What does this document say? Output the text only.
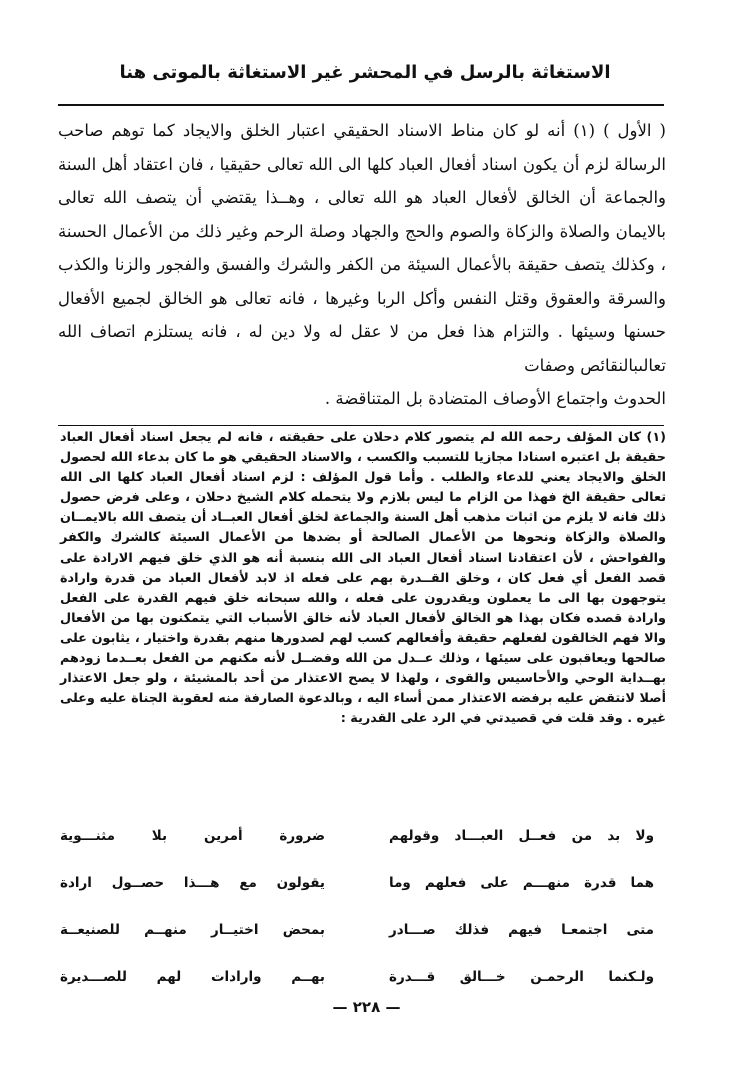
الاستغاثة بالرسل في المحشر غير الاستغاثة بالموتى هنا

( الأول ) (١) أنه لو كان مناط الاسناد الحقيقي اعتبار الخلق والايجاد كما توهم صاحب الرسالة لزم أن يكون اسناد أفعال العباد كلها الى الله تعالى حقيقيا ، فان اعتقاد أهل السنة والجماعة أن الخالق لأفعال العباد هو الله تعالى ، وهــذا يقتضي أن يتصف الله تعالى بالايمان والصلاة والزكاة والصوم والحج والجهاد وصلة الرحم وغير ذلك من الأعمال الحسنة ، وكذلك يتصف حقيقة بالأعمال السيئة من الكفر والشرك والفسق والفجور والزنا والكذب والسرقة والعقوق وقتل النفس وأكل الربا وغيرها ، فانه تعالى هو الخالق لجميع الأفعال حسنها وسيئها . والتزام هذا فعل من لا عقل له ولا دين له ، فانه يستلزم اتصاف الله تعالىبالنقائص وصفات

الحدوث واجتماع الأوصاف المتضادة بل المتناقضة .

(١) كان المؤلف رحمه الله لم يتصور كلام دحلان على حقيقته ، فانه لم يجعل اسناد أفعال العباد حقيقة بل اعتبره اسنادا مجازيا للتسبب والكسب ، والاسناد الحقيقي هو ما كان بدعاء الله لحصول الخلق والايجاد يعني للدعاء والطلب . وأما قول المؤلف : لزم اسناد أفعال العباد كلها الى الله تعالى حقيقة الخ فهذا من الزام ما ليس بلازم ولا يتحمله كلام الشيخ دحلان ، وعلى فرض حصول ذلك فانه لا يلزم من اثبات مذهب أهل السنة والجماعة لخلق أفعال العبــاد أن يتصف الله بالايمــان والصلاة والزكاة ونحوها من الأعمال الصالحة أو بضدها من الأعمال السيئة كالشرك والكفر والفواحش ، لأن اعتقادنا اسناد أفعال العباد الى الله بنسبة أنه هو الذي خلق فيهم الارادة على قصد الفعل أي فعل كان ، وخلق القــدرة بهم على فعله اذ لابد لأفعال العباد من قدرة وارادة يتوجهون بها الى ما يعملون ويقدرون على فعله ، والله سبحانه خلق فيهم القدرة على الفعل وارادة قصده فكان بهذا هو الخالق لأفعال العباد لأنه خالق الأسباب التي يتمكنون بها من الأفعال والا فهم الخالقون لفعلهم حقيقة وأفعالهم كسب لهم لصدورها منهم بقدرة واختيار ، يثابون على صالحها ويعاقبون على سيئها ، وذلك عــدل من الله وفضــل لأنه مكنهم من الفعل بعــدما زودهم بهــداية الوحي والأحاسيس والقوى ، ولهذا لا يصح الاعتذار من أحد بالمشيئة ، ولو جعل الاعتذار أصلا لانتقض عليه برفضه الاعتذار ممن أساء اليه ، وبالدعوة الصارفة منه لعقوبة الجناة عليه وعلى غيره . وقد قلت في قصيدتي في الرد على القدرية :

ولا بد من فعــل العبـــاد وقولهم
ضرورة أمرين بلا مثنـــوية
هما قدرة منهـــم على فعلهم وما
يقولون مع هـــذا حصــول ارادة
متى اجتمعـا فيهم فذلك صـــادر
بمحض اختيــار منهــم للصنيعــة
ولـكنما الرحمـن خـــالق قـــدرة
بهــم وارادات لهم للصـــديرة
— ٢٢٨ —
